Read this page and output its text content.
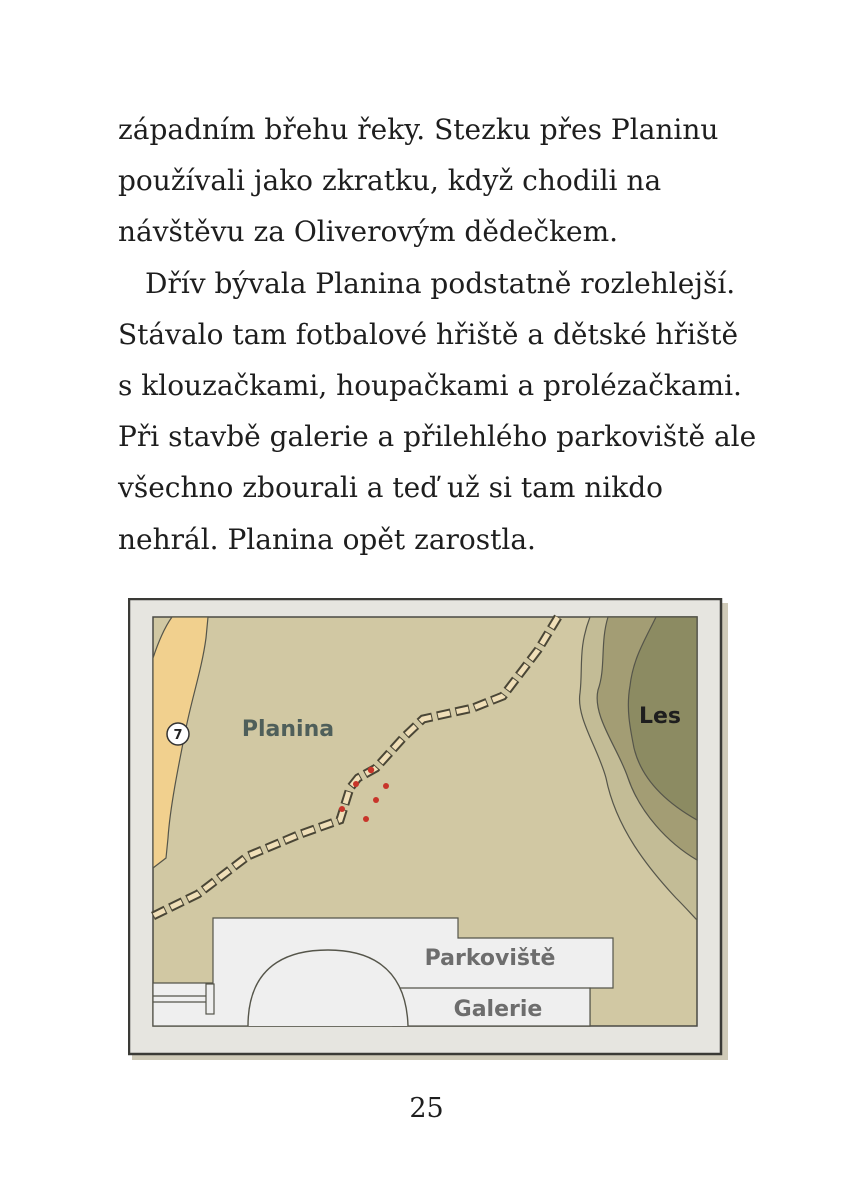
západním břehu řeky. Stezku přes Planinu
používali jako zkratku, když chodili na
návštěvu za Oliverovým dědečkem.

Dřív bývala Planina podstatně rozlehlejší.
Stávalo tam fotbalové hřiště a dětské hřiště
s klouzačkami, houpačkami a prolézačkami.
Při stavbě galerie a přilehlého parkoviště ale
všechno zbourali a teď už si tam nikdo
nehrál. Planina opět zarostla.

7	Planina
Les
Parkoviště
Galerie
25
